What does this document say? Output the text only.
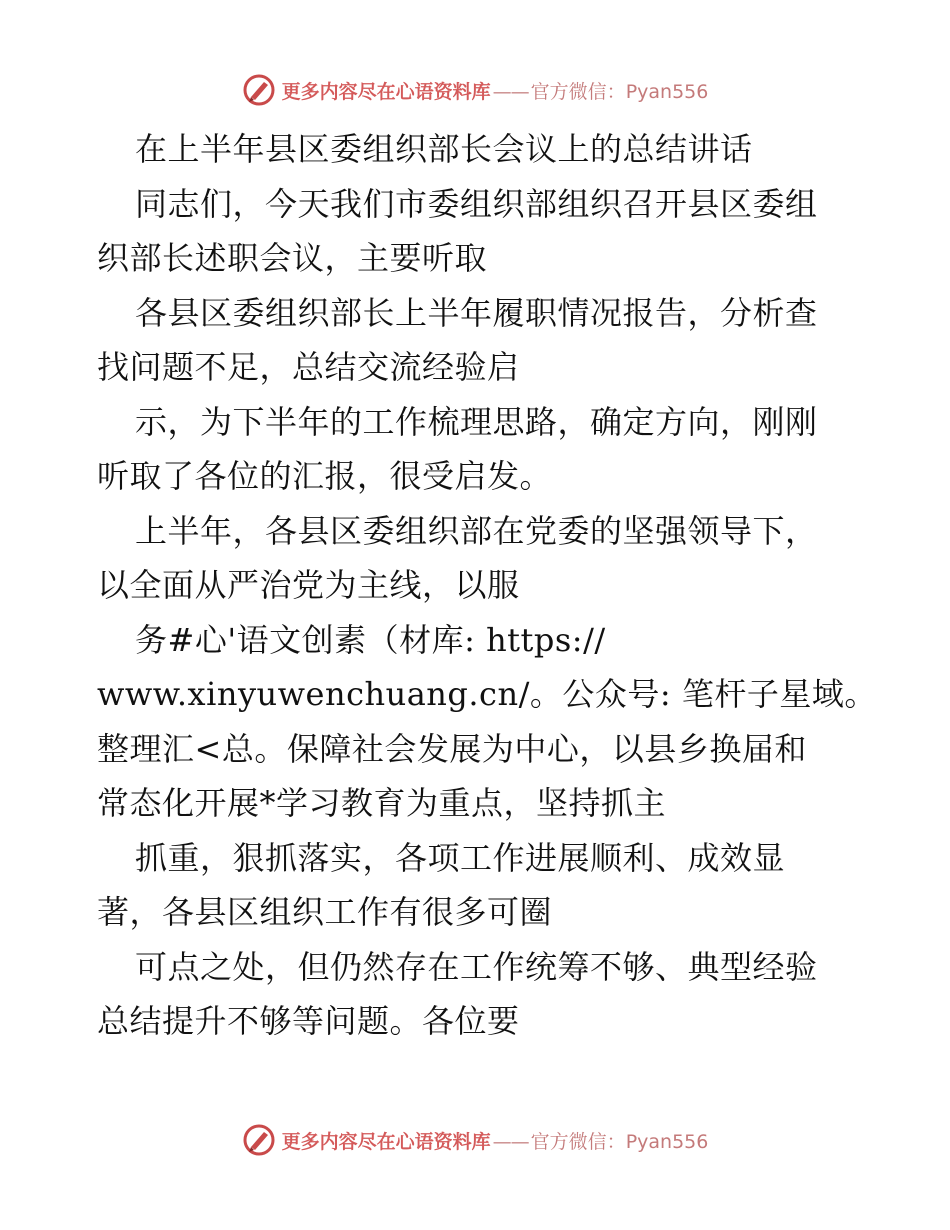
更多内容尽在心语资料库 —— 官方微信：Pyan556
在上半年县区委组织部长会议上的总结讲话
同志们，今天我们市委组织部组织召开县区委组
织部长述职会议，主要听取
各县区委组织部长上半年履职情况报告，分析查
找问题不足，总结交流经验启
示，为下半年的工作梳理思路，确定方向，刚刚
听取了各位的汇报，很受启发。
上半年，各县区委组织部在党委的坚强领导下，
以全面从严治党为主线，以服
务#心'语文创素（材库: https://
www.xinyuwenchuang.cn/。公众号: 笔杆子星域。
整理汇<总。保障社会发展为中心，以县乡换届和
常态化开展*学习教育为重点，坚持抓主
抓重，狠抓落实，各项工作进展顺利、成效显
著，各县区组织工作有很多可圈
可点之处，但仍然存在工作统筹不够、典型经验
总结提升不够等问题。各位要
更多内容尽在心语资料库 —— 官方微信：Pyan556
